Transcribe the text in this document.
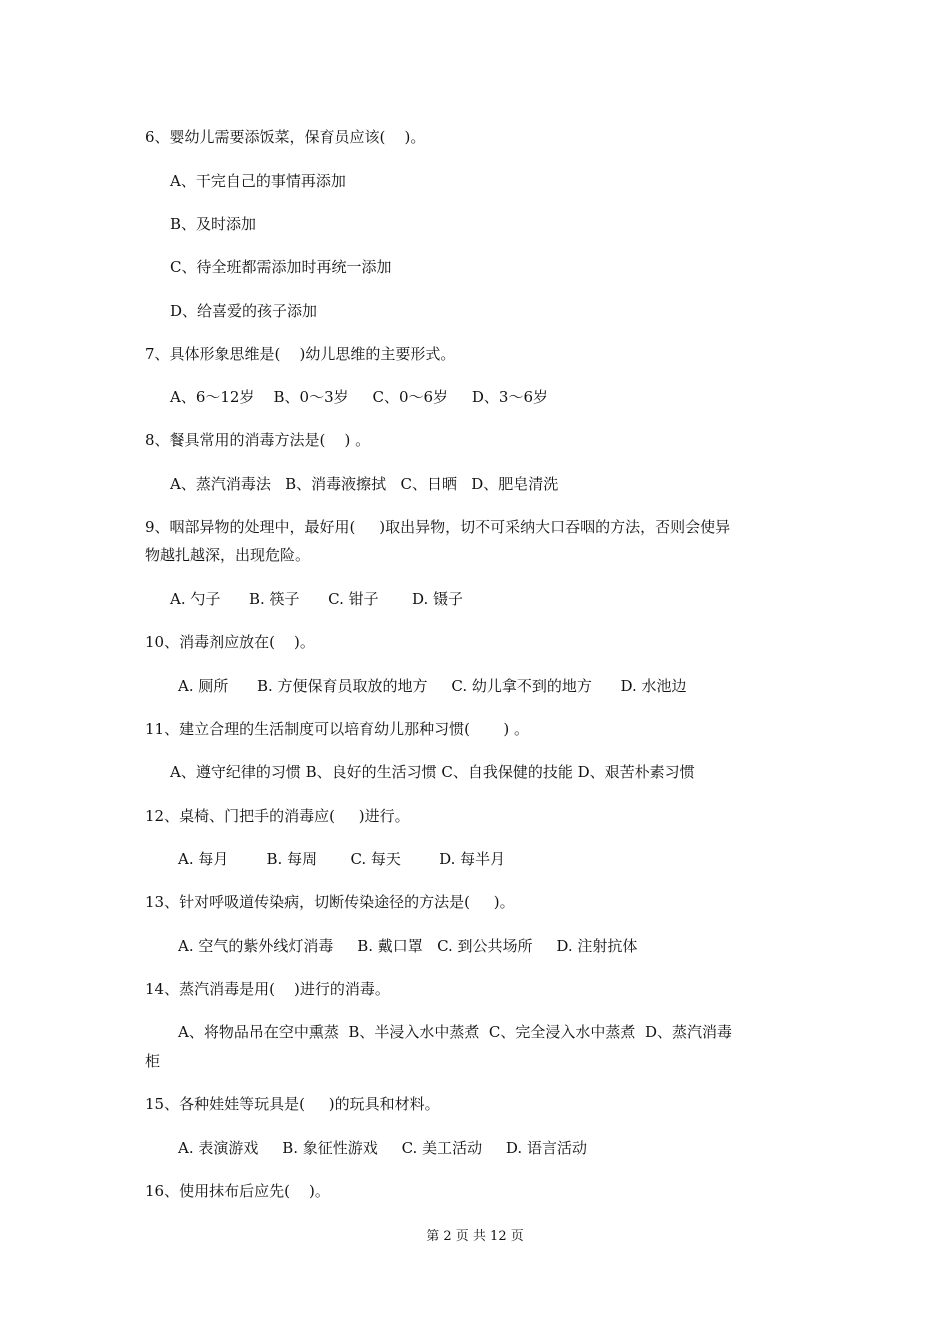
6、婴幼儿需要添饭菜，保育员应该(    )。
A、干完自己的事情再添加
B、及时添加
C、待全班都需添加时再统一添加
D、给喜爱的孩子添加
7、具体形象思维是(    )幼儿思维的主要形式。
A、6～12岁    B、0～3岁     C、0～6岁     D、3～6岁
8、餐具常用的消毒方法是(    ) 。
A、蒸汽消毒法   B、消毒液擦拭   C、日晒   D、肥皂清洗
9、咽部异物的处理中，最好用(     )取出异物，切不可采纳大口吞咽的方法，否则会使异
物越扎越深，出现危险。
A. 勺子      B. 筷子      C. 钳子       D. 镊子
10、消毒剂应放在(    )。
A. 厕所      B. 方便保育员取放的地方     C. 幼儿拿不到的地方      D. 水池边
11、建立合理的生活制度可以培育幼儿那种习惯(       ) 。
A、遵守纪律的习惯 B、良好的生活习惯 C、自我保健的技能 D、艰苦朴素习惯
12、桌椅、门把手的消毒应(     )进行。
A. 每月        B. 每周       C. 每天        D. 每半月
13、针对呼吸道传染病，切断传染途径的方法是(     )。
A. 空气的紫外线灯消毒     B. 戴口罩   C. 到公共场所     D. 注射抗体
14、蒸汽消毒是用(    )进行的消毒。
A、将物品吊在空中熏蒸  B、半浸入水中蒸煮  C、完全浸入水中蒸煮  D、蒸汽消毒
柜
15、各种娃娃等玩具是(     )的玩具和材料。
A. 表演游戏     B. 象征性游戏     C. 美工活动     D. 语言活动
16、使用抹布后应先(    )。
第 2 页 共 12 页
